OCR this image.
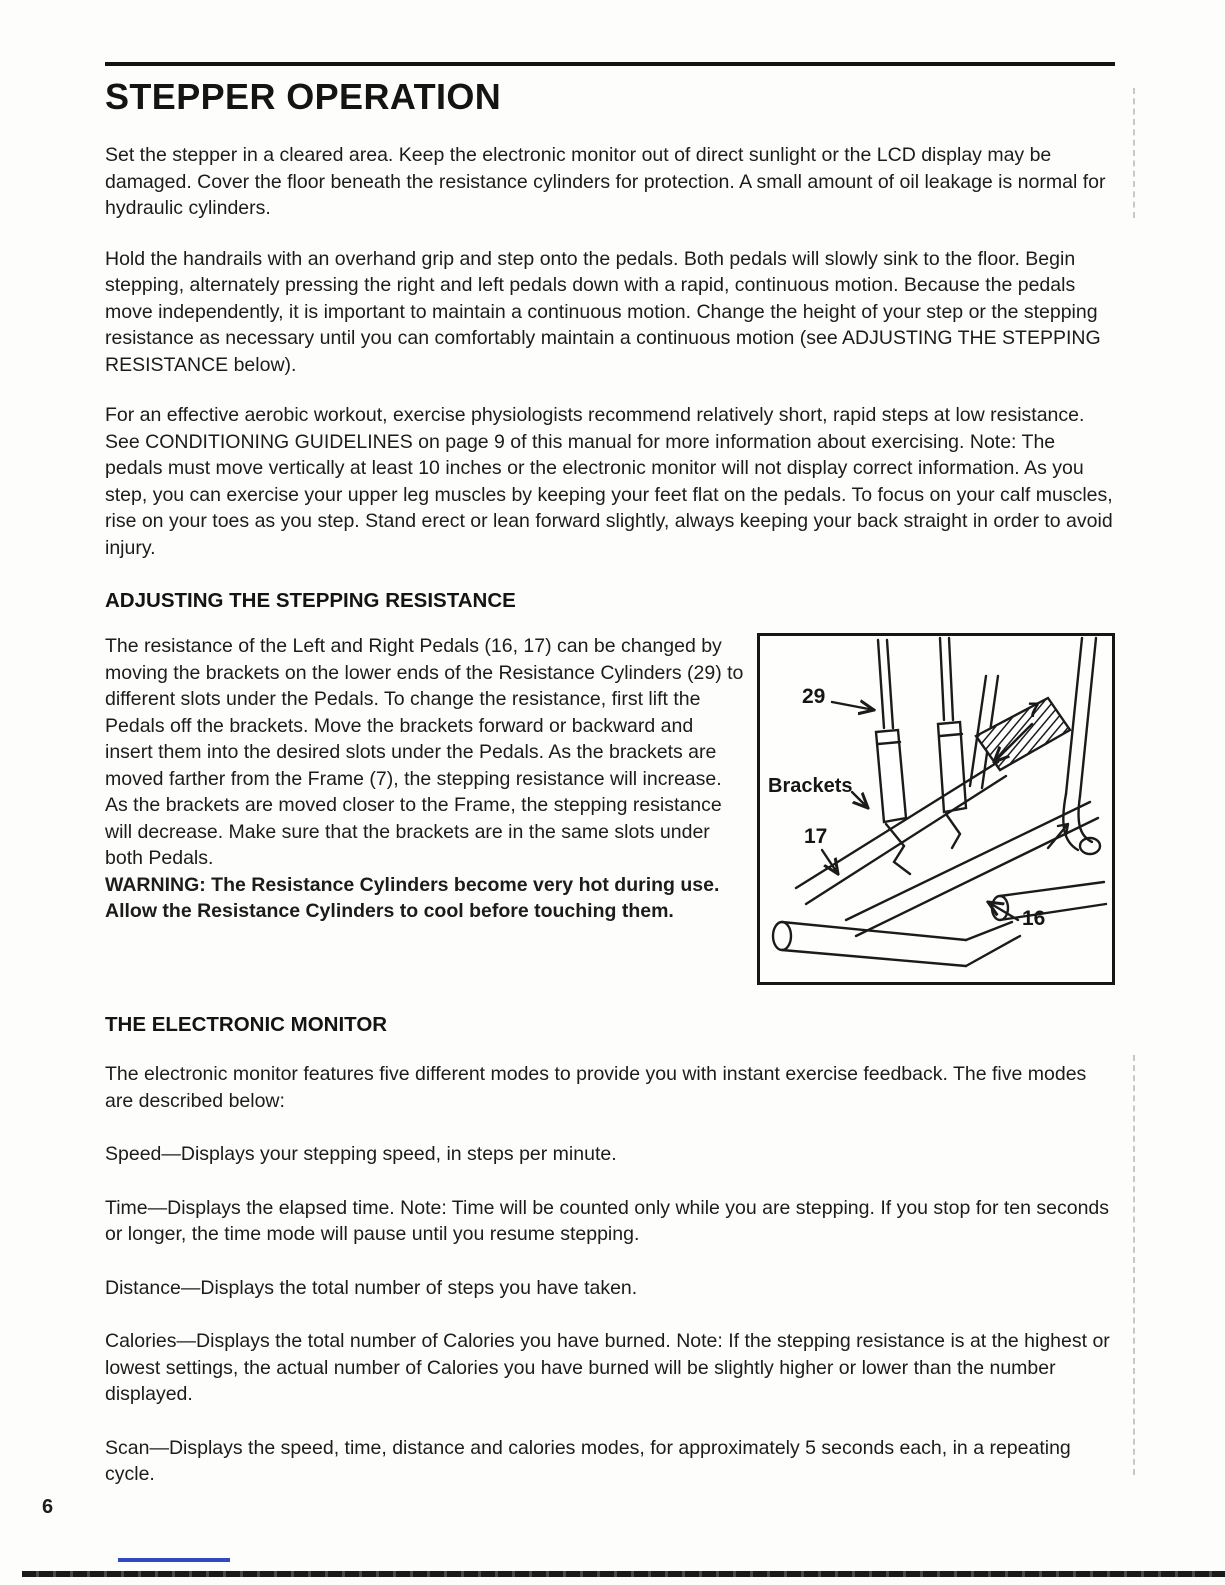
STEPPER OPERATION

Set the stepper in a cleared area. Keep the electronic monitor out of direct sunlight or the LCD display may be damaged. Cover the floor beneath the resistance cylinders for protection. A small amount of oil leakage is normal for hydraulic cylinders.

Hold the handrails with an overhand grip and step onto the pedals. Both pedals will slowly sink to the floor. Begin stepping, alternately pressing the right and left pedals down with a rapid, continuous motion. Because the pedals move independently, it is important to maintain a continuous motion. Change the height of your step or the stepping resistance as necessary until you can comfortably maintain a continuous motion (see ADJUSTING THE STEPPING RESISTANCE below).

For an effective aerobic workout, exercise physiologists recommend relatively short, rapid steps at low resistance. See CONDITIONING GUIDELINES on page 9 of this manual for more information about exercising. Note: The pedals must move vertically at least 10 inches or the electronic monitor will not display correct information. As you step, you can exercise your upper leg muscles by keeping your feet flat on the pedals. To focus on your calf muscles, rise on your toes as you step. Stand erect or lean forward slightly, always keeping your back straight in order to avoid injury.

ADJUSTING THE STEPPING RESISTANCE

The resistance of the Left and Right Pedals (16, 17) can be changed by moving the brackets on the lower ends of the Resistance Cylinders (29) to different slots under the Pedals. To change the resistance, first lift the Pedals off the brackets. Move the brackets forward or backward and insert them into the desired slots under the Pedals. As the brackets are moved farther from the Frame (7), the stepping resistance will increase. As the brackets are moved closer to the Frame, the stepping resistance will decrease. Make sure that the brackets are in the same slots under both Pedals.

WARNING: The Resistance Cylinders become very hot during use. Allow the Resistance Cylinders to cool before touching them.

29
7
Brackets
17
16
THE ELECTRONIC MONITOR

The electronic monitor features five different modes to provide you with instant exercise feedback. The five modes are described below:

Speed—Displays your stepping speed, in steps per minute.

Time—Displays the elapsed time. Note: Time will be counted only while you are stepping. If you stop for ten seconds or longer, the time mode will pause until you resume stepping.

Distance—Displays the total number of steps you have taken.

Calories—Displays the total number of Calories you have burned. Note: If the stepping resistance is at the highest or lowest settings, the actual number of Calories you have burned will be slightly higher or lower than the number displayed.

Scan—Displays the speed, time, distance and calories modes, for approximately 5 seconds each, in a repeating cycle.

6
